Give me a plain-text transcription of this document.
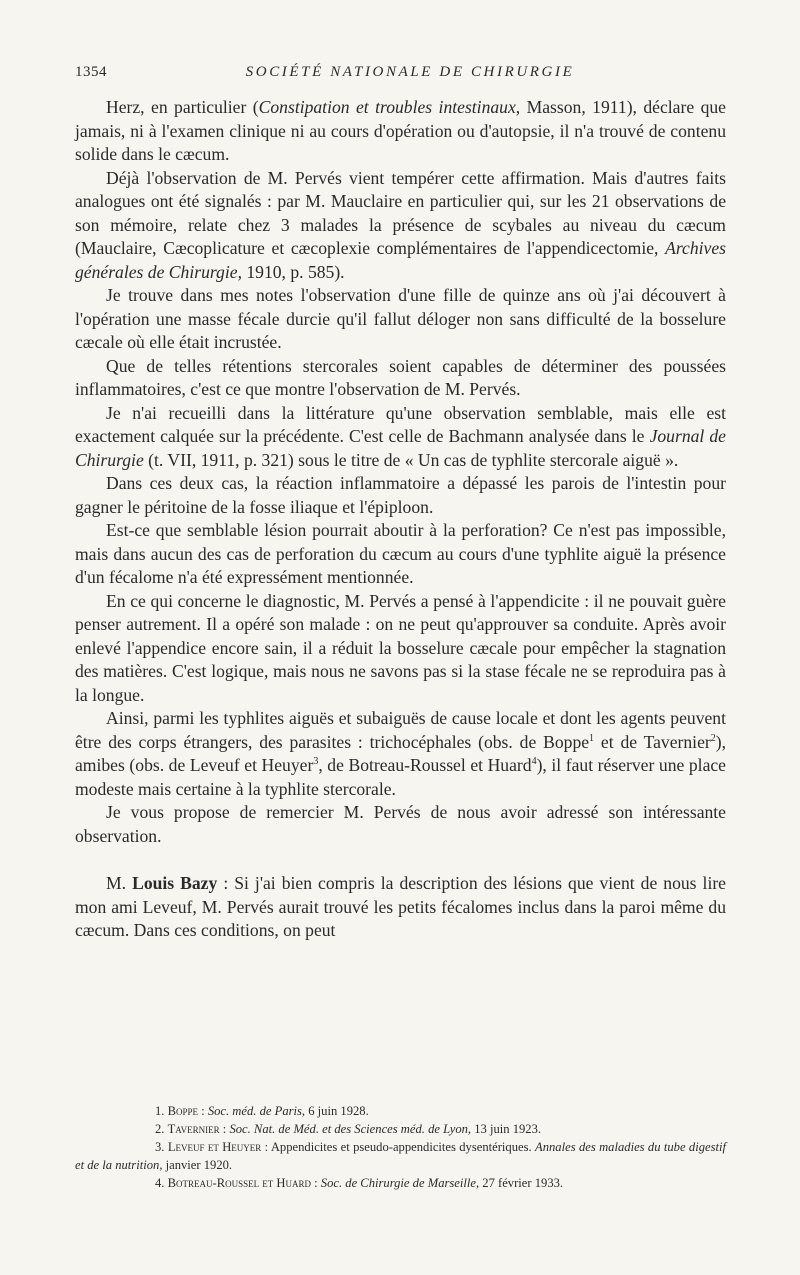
1354	SOCIÉTÉ NATIONALE DE CHIRURGIE

Herz, en particulier (Constipation et troubles intestinaux, Masson, 1911), déclare que jamais, ni à l'examen clinique ni au cours d'opération ou d'autopsie, il n'a trouvé de contenu solide dans le cæcum.

Déjà l'observation de M. Pervés vient tempérer cette affirmation. Mais d'autres faits analogues ont été signalés : par M. Mauclaire en particulier qui, sur les 21 observations de son mémoire, relate chez 3 malades la présence de scybales au niveau du cæcum (Mauclaire, Cæcoplicature et cæcoplexie complémentaires de l'appendicectomie, Archives générales de Chirurgie, 1910, p. 585).

Je trouve dans mes notes l'observation d'une fille de quinze ans où j'ai découvert à l'opération une masse fécale durcie qu'il fallut déloger non sans difficulté de la bosselure cæcale où elle était incrustée.

Que de telles rétentions stercorales soient capables de déterminer des poussées inflammatoires, c'est ce que montre l'observation de M. Pervés.

Je n'ai recueilli dans la littérature qu'une observation semblable, mais elle est exactement calquée sur la précédente. C'est celle de Bachmann analysée dans le Journal de Chirurgie (t. VII, 1911, p. 321) sous le titre de « Un cas de typhlite stercorale aiguë ».

Dans ces deux cas, la réaction inflammatoire a dépassé les parois de l'intestin pour gagner le péritoine de la fosse iliaque et l'épiploon.

Est-ce que semblable lésion pourrait aboutir à la perforation? Ce n'est pas impossible, mais dans aucun des cas de perforation du cæcum au cours d'une typhlite aiguë la présence d'un fécalome n'a été expressément mentionnée.

En ce qui concerne le diagnostic, M. Pervés a pensé à l'appendicite : il ne pouvait guère penser autrement. Il a opéré son malade : on ne peut qu'approuver sa conduite. Après avoir enlevé l'appendice encore sain, il a réduit la bosselure cæcale pour empêcher la stagnation des matières. C'est logique, mais nous ne savons pas si la stase fécale ne se reproduira pas à la longue.

Ainsi, parmi les typhlites aiguës et subaiguës de cause locale et dont les agents peuvent être des corps étrangers, des parasites : trichocéphales (obs. de Boppe$^1$ et de Tavernier$^2$), amibes (obs. de Leveuf et Heuyer$^3$, de Botreau-Roussel et Huard$^4$), il faut réserver une place modeste mais certaine à la typhlite stercorale.

Je vous propose de remercier M. Pervés de nous avoir adressé son intéressante observation.

M. Louis Bazy : Si j'ai bien compris la description des lésions que vient de nous lire mon ami Leveuf, M. Pervés aurait trouvé les petits fécalomes inclus dans la paroi même du cæcum. Dans ces conditions, on peut

1. Boppe : Soc. méd. de Paris, 6 juin 1928.

2. Tavernier : Soc. Nat. de Méd. et des Sciences méd. de Lyon, 13 juin 1923.

3. Leveuf et Heuyer : Appendicites et pseudo-appendicites dysentériques. Annales des maladies du tube digestif et de la nutrition, janvier 1920.

4. Botreau-Roussel et Huard : Soc. de Chirurgie de Marseille, 27 février 1933.
